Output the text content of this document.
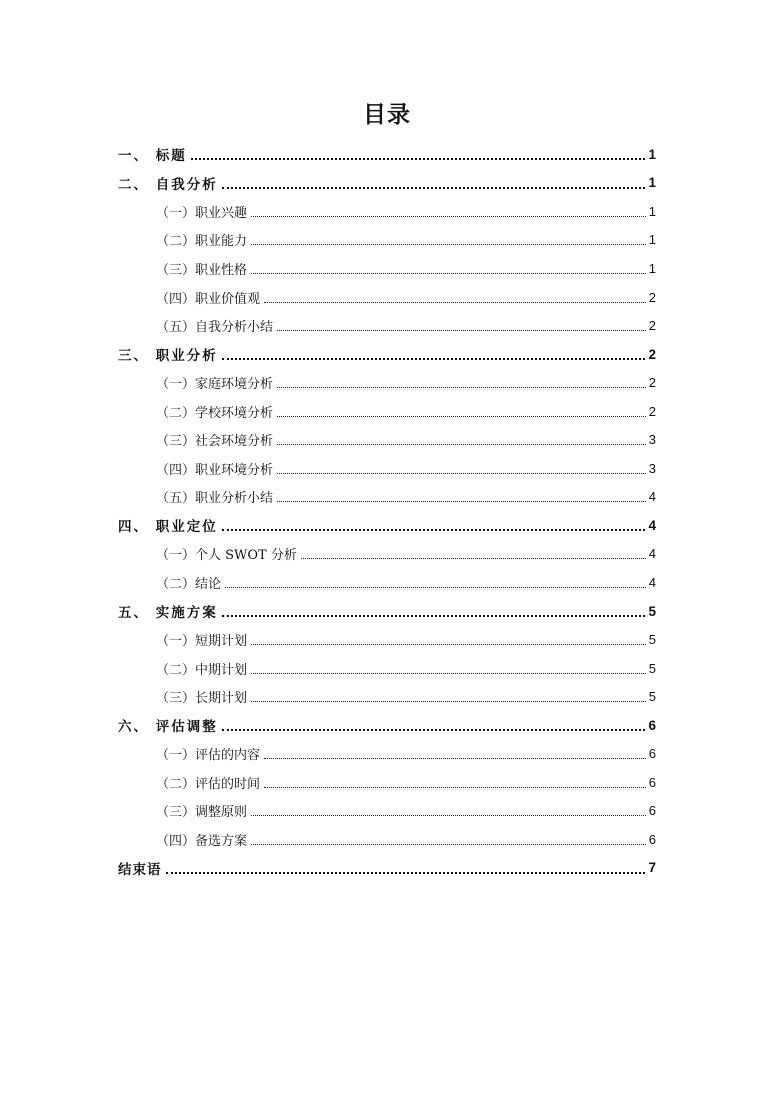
目录
一、 标题	1
二、 自我分析	1
（一）职业兴趣	1
（二）职业能力	1
（三）职业性格	1
（四）职业价值观	2
（五）自我分析小结	2
三、 职业分析	2
（一）家庭环境分析	2
（二）学校环境分析	2
（三）社会环境分析	3
（四）职业环境分析	3
（五）职业分析小结	4
四、 职业定位	4
（一）个人 SWOT 分析	4
（二）结论	4
五、 实施方案	5
（一）短期计划	5
（二）中期计划	5
（三）长期计划	5
六、 评估调整	6
（一）评估的内容	6
（二）评估的时间	6
（三）调整原则	6
（四）备选方案	6
结束语	7
